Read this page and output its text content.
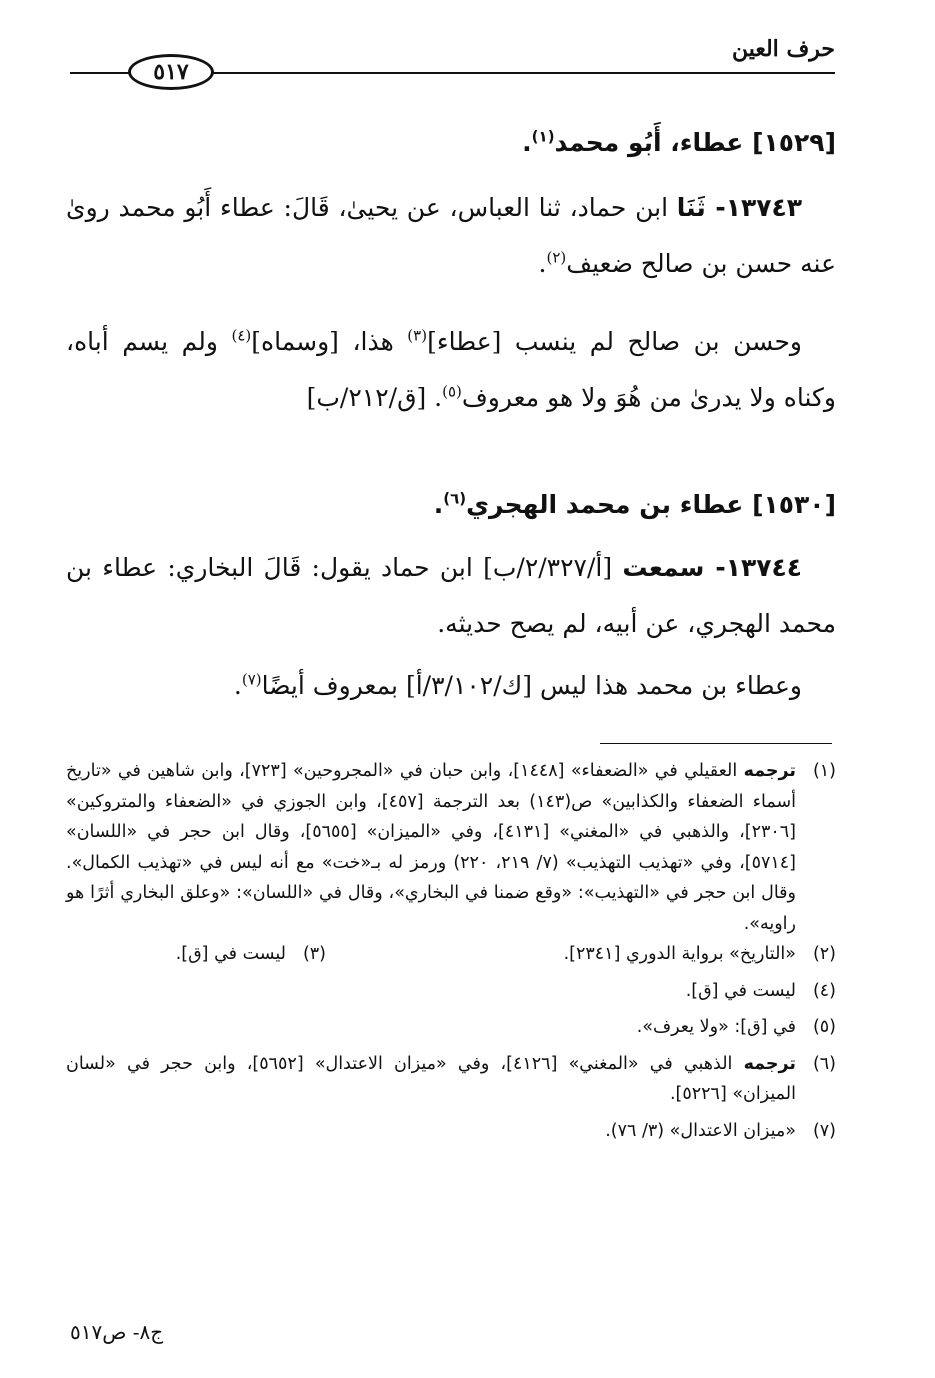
حرف العين
٥١٧
[١٥٢٩] عطاء، أَبُو محمد$^{(١)}$.

١٣٧٤٣- ثَنَا ابن حماد، ثنا العباس، عن يحيىٰ، قَالَ: عطاء أَبُو محمد روىٰ عنه حسن بن صالح ضعيف$^{(٢)}$.

وحسن بن صالح لم ينسب [عطاء]$^{(٣)}$ هذا، [وسماه]$^{(٤)}$ ولم يسم أباه، وكناه ولا يدرىٰ من هُوَ ولا هو معروف$^{(٥)}$. [ق/٢١٢/ب]

[١٥٣٠] عطاء بن محمد الهجري$^{(٦)}$.

١٣٧٤٤- سمعت [أ/٢/٣٢٧/ب] ابن حماد يقول: قَالَ البخاري: عطاء بن محمد الهجري، عن أبيه، لم يصح حديثه.

وعطاء بن محمد هذا ليس [ك/٣/١٠٢/أ] بمعروف أيضًا$^{(٧)}$.

(١)
ترجمه العقيلي في «الضعفاء» [١٤٤٨]، وابن حبان في «المجروحين» [٧٢٣]، وابن شاهين في «تاريخ أسماء الضعفاء والكذابين» ص(١٤٣) بعد الترجمة [٤٥٧]، وابن الجوزي في «الضعفاء والمتروكين» [٢٣٠٦]، والذهبي في «المغني» [٤١٣١]، وفي «الميزان» [٥٦٥٥]، وقال ابن حجر في «اللسان» [٥٧١٤]، وفي «تهذيب التهذيب» (٧/ ٢١٩، ٢٢٠) ورمز له بـ«خت» مع أنه ليس في «تهذيب الكمال». وقال ابن حجر في «التهذيب»: «وقع ضمنا في البخاري»، وقال في «اللسان»: «وعلق البخاري أثرًا هو راويه».

(٢)
«التاريخ» برواية الدوري [٢٣٤١].

(٣)
ليست في [ق].

(٤)
ليست في [ق].

(٥)
في [ق]: «ولا يعرف».

(٦)
ترجمه الذهبي في «المغني» [٤١٢٦]، وفي «ميزان الاعتدال» [٥٦٥٢]، وابن حجر في «لسان الميزان» [٥٢٢٦].

(٧)
«ميزان الاعتدال» (٣/ ٧٦).

ج٨- ص٥١٧
